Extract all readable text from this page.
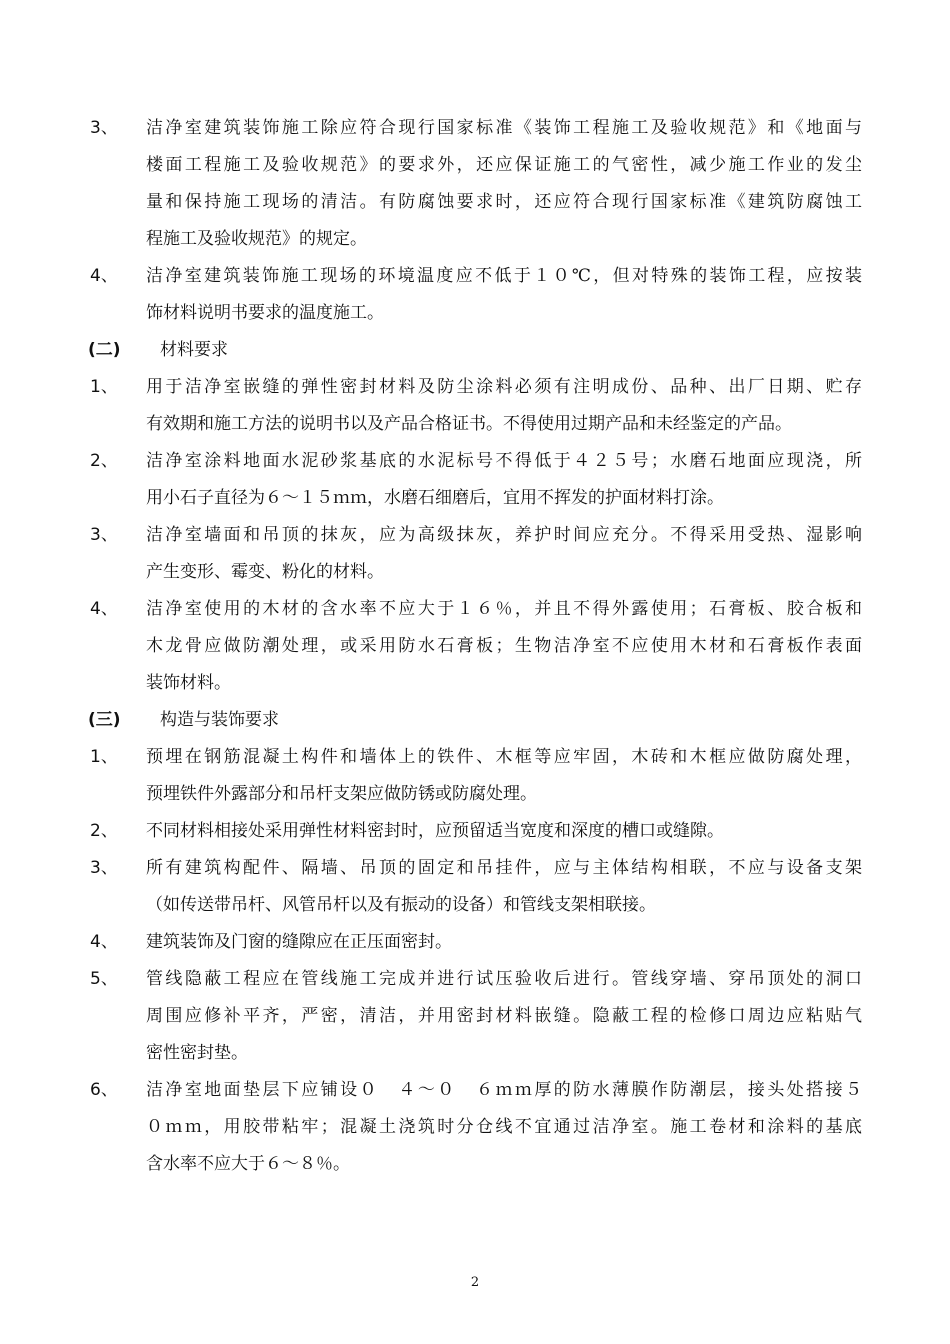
3、 洁净室建筑装饰施工除应符合现行国家标准《装饰工程施工及验收规范》和《地面与
楼面工程施工及验收规范》的要求外，还应保证施工的气密性，减少施工作业的发尘
量和保持施工现场的清洁。有防腐蚀要求时，还应符合现行国家标准《建筑防腐蚀工
程施工及验收规范》的规定。
4、 洁净室建筑装饰施工现场的环境温度应不低于１０℃，但对特殊的装饰工程，应按装
饰材料说明书要求的温度施工。
(二) 材料要求
1、 用于洁净室嵌缝的弹性密封材料及防尘涂料必须有注明成份、品种、出厂日期、贮存
有效期和施工方法的说明书以及产品合格证书。不得使用过期产品和未经鉴定的产品。
2、 洁净室涂料地面水泥砂浆基底的水泥标号不得低于４２５号；水磨石地面应现浇，所
用小石子直径为６～１５ｍｍ，水磨石细磨后，宜用不挥发的护面材料打涂。
3、 洁净室墙面和吊顶的抹灰，应为高级抹灰，养护时间应充分。不得采用受热、湿影响
产生变形、霉变、粉化的材料。
4、 洁净室使用的木材的含水率不应大于１６％，并且不得外露使用；石膏板、胶合板和
木龙骨应做防潮处理，或采用防水石膏板；生物洁净室不应使用木材和石膏板作表面
装饰材料。
(三) 构造与装饰要求
1、 预埋在钢筋混凝土构件和墙体上的铁件、木框等应牢固，木砖和木框应做防腐处理，
预埋铁件外露部分和吊杆支架应做防锈或防腐处理。
2、 不同材料相接处采用弹性材料密封时，应预留适当宽度和深度的槽口或缝隙。
3、 所有建筑构配件、隔墙、吊顶的固定和吊挂件，应与主体结构相联，不应与设备支架
（如传送带吊杆、风管吊杆以及有振动的设备）和管线支架相联接。
4、 建筑装饰及门窗的缝隙应在正压面密封。
5、 管线隐蔽工程应在管线施工完成并进行试压验收后进行。管线穿墙、穿吊顶处的洞口
周围应修补平齐，严密，清洁，并用密封材料嵌缝。隐蔽工程的检修口周边应粘贴气
密性密封垫。
6、 洁净室地面垫层下应铺设０　４～０　６ｍｍ厚的防水薄膜作防潮层，接头处搭接５
０ｍｍ，用胶带粘牢；混凝土浇筑时分仓线不宜通过洁净室。施工卷材和涂料的基底
含水率不应大于６～８％。
2
